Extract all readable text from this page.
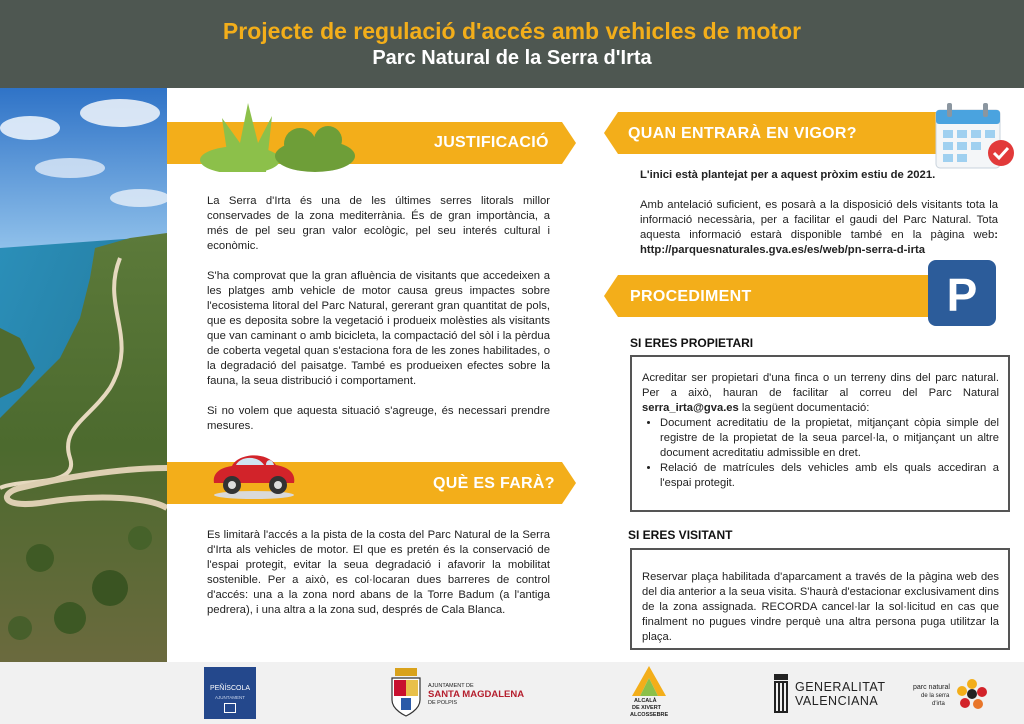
Projecte de regulació d'accés amb vehicles de motor
Parc Natural de la Serra d'Irta
JUSTIFICACIÓ

La Serra d'Irta és una de les últimes serres litorals millor conservades de la zona mediterrània. És de gran importància, a més de pel seu gran valor ecològic, pel seu interés cultural i econòmic.

S'ha comprovat que la gran afluència de visitants que accedeixen a les platges amb vehicle de motor causa greus impactes sobre l'ecosistema litoral del Parc Natural, gererant gran quantitat de pols, que es deposita sobre la vegetació i produeix molèsties als visitants que van caminant o amb bicicleta, la compactació del sòl i la pèrdua de coberta vegetal quan s'estaciona fora de les zones habilitades, o la degradació del paisatge. També es produeixen efectes sobre la fauna, la seua distribució i comportament.

Si no volem que aquesta situació s'agreuge, és necessari prendre mesures.

QUÈ ES FARÀ?

Es limitarà l'accés a la pista de la costa del Parc Natural de la Serra d'Irta als vehicles de motor. El que es pretén és la conservació de l'espai protegit, evitar la seua degradació i afavorir la mobilitat sostenible. Per a això, es col·locaran dues barreres de control d'accés: una a la zona nord abans de la Torre Badum (a l'antiga pedrera), i una altra a la zona sud, després de Cala Blanca.

QUAN ENTRARÀ EN VIGOR?

L'inici està plantejat per a aquest pròxim estiu de 2021.

Amb antelació suficient, es posarà a la disposició dels visitants tota la informació necessària, per a facilitar el gaudi del Parc Natural. Tota aquesta informació estarà disponible també en la pàgina web: http://parquesnaturales.gva.es/es/web/pn-serra-d-irta

PROCEDIMENT	P
SI ERES PROPIETARI

Acreditar ser propietari d'una finca o un terreny dins del parc natural. Per a això, hauran de facilitar al correu del Parc Natural serra_irta@gva.es la següent documentació:

• Document acreditatiu de la propietat, mitjançant còpia simple del registre de la propietat de la seua parcel·la, o mitjançant un altre document acreditatiu admissible en dret.
• Relació de matrícules dels vehicles amb els quals accediran a l'espai protegit.
SI ERES VISITANT

Reservar plaça habilitada d'aparcament a través de la pàgina web des del dia anterior a la seua visita. S'haurà d'estacionar exclusivament dins de la zona assignada. RECORDA cancel·lar la sol·licitud en cas que finalment no pugues vindre perquè una altra persona puga utilitzar la plaça.

PEÑÍSCOLA
AJUNTAMENT
AJUNTAMENT DE
SANTA MAGDALENA
DE POLPIS	ALCALÀ
DE XIVERT
ALCOSSEBRE
GENERALITAT
VALENCIANA
parc natural
de la serra
d'irta
